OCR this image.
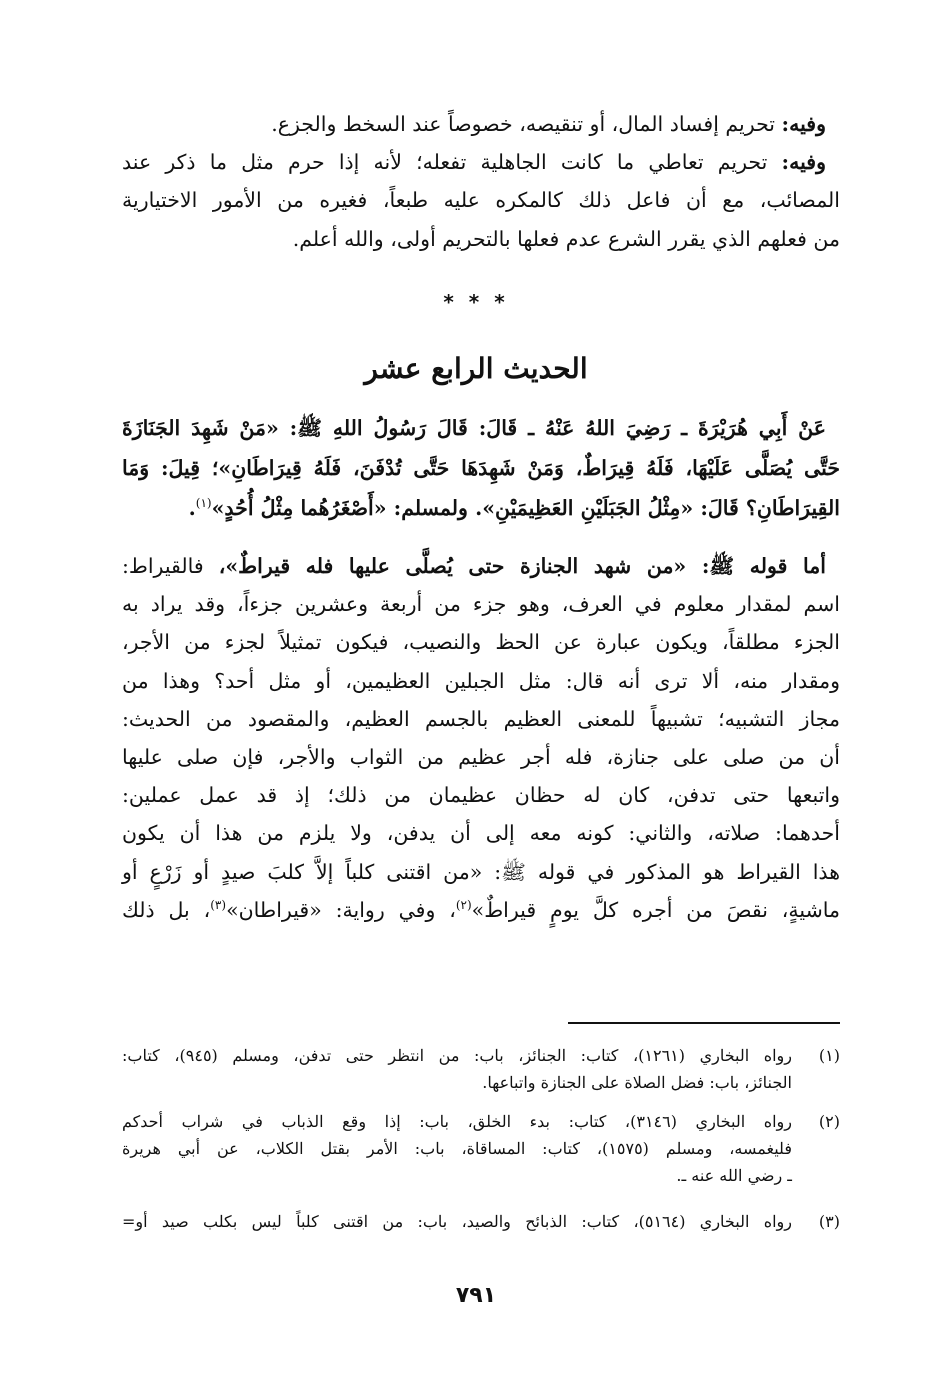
وفيه: تحريم إفساد المال، أو تنقيصه، خصوصاً عند السخط والجزع.
وفيه: تحريم تعاطي ما كانت الجاهلية تفعله؛ لأنه إذا حرم مثل ما ذكر عند
المصائب، مع أن فاعل ذلك كالمكره عليه طبعاً، فغيره من الأمور الاختيارية
من فعلهم الذي يقرر الشرع عدم فعلها بالتحريم أولى، والله أعلم.
* * *
الحديث الرابع عشر
عَنْ أَبِي هُرَيْرَةَ ـ رَضِيَ اللهُ عَنْهُ ـ قَالَ: قَالَ رَسُولُ اللهِ ﷺ: «مَنْ شَهِدَ الجَنَازَةَ
حَتَّى يُصَلَّى عَلَيْهَا، فَلَهُ قِيرَاطٌ، وَمَنْ شَهِدَهَا حَتَّى تُدْفَنَ، فَلَهُ قِيرَاطَانِ»؛ قِيلَ: وَمَا
القِيرَاطَانِ؟ قَالَ: «مِثْلُ الجَبَلَيْنِ العَظِيمَيْنِ». ولمسلم: «أَصْغَرُهُما مِثْلُ أُحُدٍ»$^{(١)}$.
أما قوله ﷺ: «من شهد الجنازة حتى يُصلَّى عليها فله قيراطٌ»، فالقيراط:
اسم لمقدار معلوم في العرف، وهو جزء من أربعة وعشرين جزءاً، وقد يراد به
الجزء مطلقاً، ويكون عبارة عن الحظ والنصيب، فيكون تمثيلاً لجزء من الأجر،
ومقدار منه، ألا ترى أنه قال: مثل الجبلين العظيمين، أو مثل أحد؟ وهذا من
مجاز التشبيه؛ تشبيهاً للمعنى العظيم بالجسم العظيم، والمقصود من الحديث:
أن من صلى على جنازة، فله أجر عظيم من الثواب والأجر، فإن صلى عليها
واتبعها حتى تدفن، كان له حظان عظيمان من ذلك؛ إذ قد عمل عملين:
أحدهما: صلاته، والثاني: كونه معه إلى أن يدفن، ولا يلزم من هذا أن يكون
هذا القيراط هو المذكور في قوله ﷺ: «من اقتنى كلباً إلاَّ كلبَ صيدٍ أو زَرْعٍ أو
ماشيةٍ، نقصَ من أجره كلَّ يومٍ قيراطٌ»$^{(٢)}$، وفي رواية: «قيراطان»$^{(٣)}$، بل ذلك
(١)
رواه البخاري (١٢٦١)، كتاب: الجنائز، باب: من انتظر حتى تدفن، ومسلم (٩٤٥)، كتاب:
الجنائز، باب: فضل الصلاة على الجنازة واتباعها.
(٢)
رواه البخاري (٣١٤٦)، كتاب: بدء الخلق، باب: إذا وقع الذباب في شراب أحدكم
فليغمسه، ومسلم (١٥٧٥)، كتاب: المساقاة، باب: الأمر بقتل الكلاب، عن أبي هريرة
ـ رضي الله عنه ـ.
(٣)
رواه البخاري (٥١٦٤)، كتاب: الذبائح والصيد، باب: من اقتنى كلباً ليس بكلب صيد أو=
٧٩١
